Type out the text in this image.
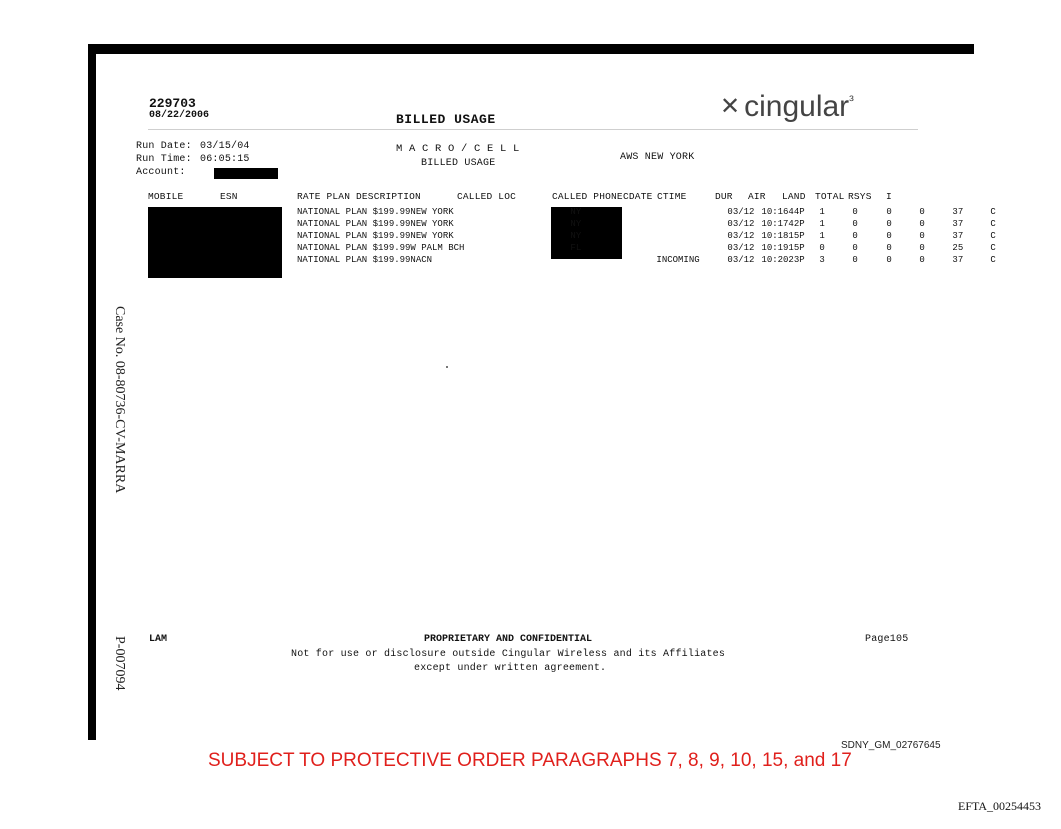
229703
08/22/2006	BILLED USAGE	✕ cingular$^{^3}$
Run Date: 03/15/04
Run Time: 06:05:15
Account:
M A C R O / C E L L
BILLED USAGE
AWS NEW YORK
MOBILE	ESN	RATE PLAN DESCRIPTION	CALLED LOC	CALLED PHONE CDATE CTIME	DUR AIR LAND TOTAL RSYS I
NATIONAL PLAN $199.99	NEW YORK	NY		03/12	10:1644P	1	0	0	0	37	C
NATIONAL PLAN $199.99	NEW YORK	NY		03/12	10:1742P	1	0	0	0	37	C
NATIONAL PLAN $199.99	NEW YORK	NY		03/12	10:1815P	1	0	0	0	37	C
NATIONAL PLAN $199.99	W PALM BCH	FL		03/12	10:1915P	0	0	0	0	25	C
NATIONAL PLAN $199.99	NACN		INCOMING	03/12	10:2023P	3	0	0	0	37	C
LAM	PROPRIETARY AND CONFIDENTIAL
Not for use or disclosure outside Cingular Wireless and its Affiliates
except under written agreement.
Page105
Case No. 08-80736-CV-MARRA
P-007094
SDNY_GM_02767645
SUBJECT TO PROTECTIVE ORDER PARAGRAPHS 7, 8, 9, 10, 15, and 17
EFTA_00254453
